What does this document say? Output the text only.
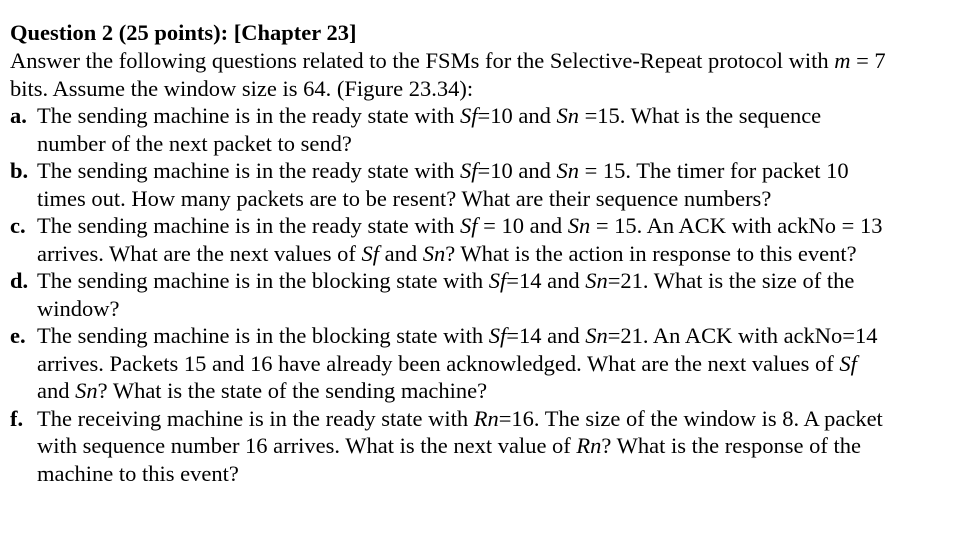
Question 2 (25 points): [Chapter 23]

Answer the following questions related to the FSMs for the Selective-Repeat protocol with m = 7
bits. Assume the window size is 64. (Figure 23.34):

a. The sending machine is in the ready state with Sf=10 and Sn =15. What is the sequence
number of the next packet to send?
b. The sending machine is in the ready state with Sf=10 and Sn = 15. The timer for packet 10
times out. How many packets are to be resent? What are their sequence numbers?
c. The sending machine is in the ready state with Sf = 10 and Sn = 15. An ACK with ackNo = 13
arrives. What are the next values of Sf and Sn? What is the action in response to this event?
d. The sending machine is in the blocking state with Sf=14 and Sn=21. What is the size of the
window?
e. The sending machine is in the blocking state with Sf=14 and Sn=21. An ACK with ackNo=14
arrives. Packets 15 and 16 have already been acknowledged. What are the next values of Sf
and Sn? What is the state of the sending machine?
f. The receiving machine is in the ready state with Rn=16. The size of the window is 8. A packet
with sequence number 16 arrives. What is the next value of Rn? What is the response of the
machine to this event?
